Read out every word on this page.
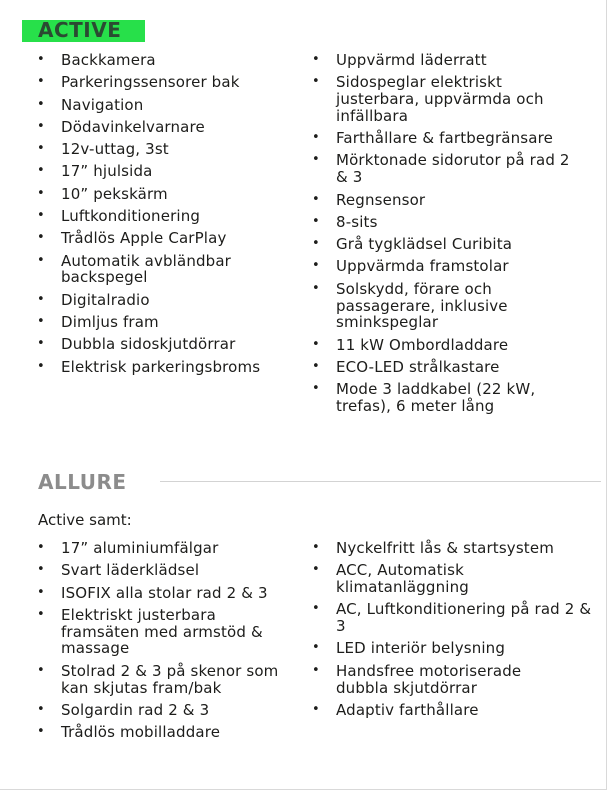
ACTIVE
• Backkamera
• Parkeringssensorer bak
• Navigation
• Dödavinkelvarnare
• 12v-uttag, 3st
• 17” hjulsida
• 10” pekskärm
• Luftkonditionering
• Trådlös Apple CarPlay
• Automatik avbländbar backspegel
• Digitalradio
• Dimljus fram
• Dubbla sidoskjutdörrar
• Elektrisk parkeringsbroms
• Uppvärmd läderratt
• Sidospeglar elektriskt justerbara, uppvärmda och infällbara
• Farthållare & fartbegränsare
• Mörktonade sidorutor på rad 2 & 3
• Regnsensor
• 8-sits
• Grå tygklädsel Curibita
• Uppvärmda framstolar
• Solskydd, förare och passagerare, inklusive sminkspeglar
• 11 kW Ombordladdare
• ECO-LED strålkastare
• Mode 3 laddkabel (22 kW, trefas), 6 meter lång
ALLURE

Active samt:

• 17” aluminiumfälgar
• Svart läderklädsel
• ISOFIX alla stolar rad 2 & 3
• Elektriskt justerbara framsäten med armstöd & massage
• Stolrad 2 & 3 på skenor som kan skjutas fram/bak
• Solgardin rad 2 & 3
• Trådlös mobilladdare
• Nyckelfritt lås & startsystem
• ACC, Automatisk klimatanläggning
• AC, Luftkonditionering på rad 2 & 3
• LED interiör belysning
• Handsfree motoriserade dubbla skjutdörrar
• Adaptiv farthållare
